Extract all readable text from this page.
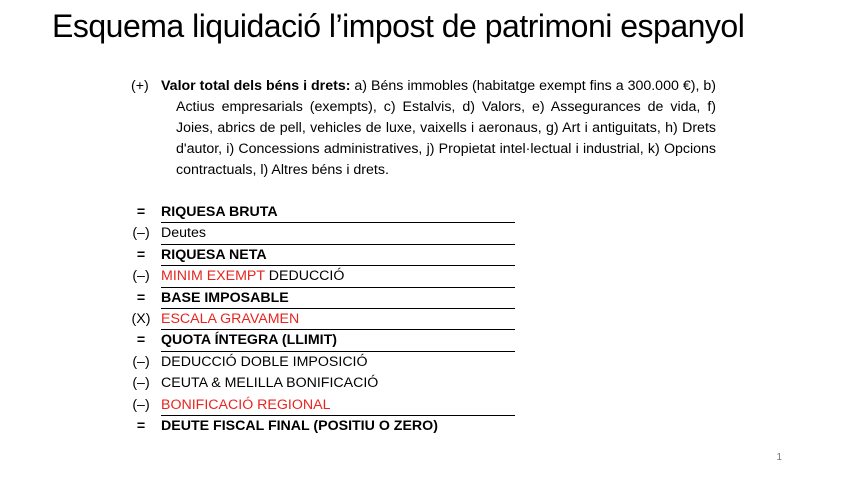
Esquema liquidació l’impost de patrimoni espanyol
(+) Valor total dels béns i drets: a) Béns immobles (habitatge exempt fins a 300.000 €), b) Actius empresarials (exempts), c) Estalvis, d) Valors, e) Assegurances de vida, f) Joies, abrics de pell, vehicles de luxe, vaixells i aeronaus, g) Art i antiguitats, h) Drets d'autor, i) Concessions administratives, j) Propietat intel·lectual i industrial, k) Opcions contractuals, l) Altres béns i drets.
=	RIQUESA BRUTA
(–) Deutes
=	RIQUESA NETA
(–) MINIM EXEMPT DEDUCCIÓ
=	BASE IMPOSABLE
(X) ESCALA GRAVAMEN
=	QUOTA ÍNTEGRA (LLIMIT)
(–) DEDUCCIÓ DOBLE IMPOSICIÓ
(–) CEUTA & MELILLA BONIFICACIÓ
(–) BONIFICACIÓ REGIONAL
=	DEUTE FISCAL FINAL (POSITIU O ZERO)
1
